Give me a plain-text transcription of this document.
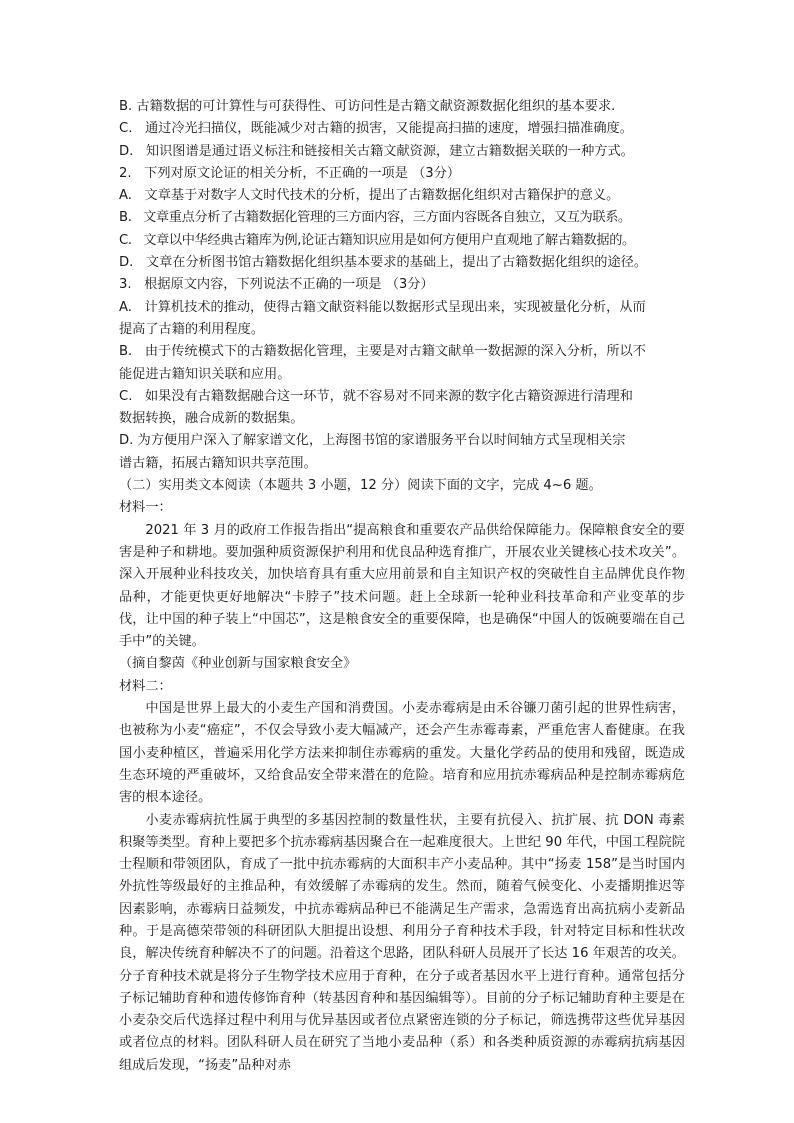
B. 古籍数据的可计算性与可获得性、可访问性是古籍文献资源数据化组织的基本要求.
C.   通过冷光扫描仪，既能减少对古籍的损害，又能提高扫描的速度，增强扫描准确度。
D.   知识图谱是通过语义标注和链接相关古籍文献资源，建立古籍数据关联的一种方式。
2.   下列对原文论证的相关分析，不正确的一项是 （3分）
A.   文章基于对数字人文时代技术的分析，提出了古籍数据化组织对古籍保护的意义。
B.   文章重点分析了古籍数据化管理的三方面内容，三方面内容既各自独立，又互为联系。
C.   文章以中华经典古籍库为例,论证古籍知识应用是如何方便用户直观地了解古籍数据的。
D.   文章在分析图书馆古籍数据化组织基本要求的基础上，提出了古籍数据化组织的途径。
3.   根据原文内容，下列说法不正确的一项是 （3分）
A.   计算机技术的推动，使得古籍文献资料能以数据形式呈现出来，实现被量化分析，从而
提高了古籍的利用程度。
B.   由于传统模式下的古籍数据化管理，主要是对古籍文献单一数据源的深入分析，所以不
能促进古籍知识关联和应用。
C.   如果没有古籍数据融合这一环节，就不容易对不同来源的数字化古籍资源进行清理和
数据转换，融合成新的数据集。
D. 为方便用户深入了解家谱文化，上海图书馆的家谱服务平台以时间轴方式呈现相关宗
谱古籍，拓展古籍知识共享范围。
（二）实用类文本阅读（本题共 3 小题，12 分）阅读下面的文字，完成 4~6 题。
材料一：

2021 年 3 月的政府工作报告指出“提高粮食和重要农产品供给保障能力。保障粮食安全的要害是种子和耕地。要加强种质资源保护利用和优良品种选育推广，开展农业关键核心技术攻关”。深入开展种业科技攻关，加快培育具有重大应用前景和自主知识产权的突破性自主品牌优良作物品种，才能更快更好地解决“卡脖子”技术问题。赶上全球新一轮种业科技革命和产业变革的步伐，让中国的种子装上“中国芯”，这是粮食安全的重要保障，也是确保“中国人的饭碗要端在自己手中”的关键。

（摘自黎茵《种业创新与国家粮食安全》
材料二：

中国是世界上最大的小麦生产国和消费国。小麦赤霉病是由禾谷镰刀菌引起的世界性病害，也被称为小麦“癌症”，不仅会导致小麦大幅减产，还会产生赤霉毒素，严重危害人畜健康。在我国小麦种植区，普遍采用化学方法来抑制住赤霉病的重发。大量化学药品的使用和残留，既造成生态环境的严重破坏，又给食品安全带来潜在的危险。培育和应用抗赤霉病品种是控制赤霉病危害的根本途径。

小麦赤霉病抗性属于典型的多基因控制的数量性状，主要有抗侵入、抗扩展、抗 DON 毒素积聚等类型。育种上要把多个抗赤霉病基因聚合在一起难度很大。上世纪 90 年代，中国工程院院士程顺和带领团队，育成了一批中抗赤霉病的大面积丰产小麦品种。其中“扬麦 158”是当时国内外抗性等级最好的主推品种，有效缓解了赤霉病的发生。然而，随着气候变化、小麦播期推迟等因素影响，赤霉病日益频发，中抗赤霉病品种已不能满足生产需求，急需选育出高抗病小麦新品种。于是高德荣带领的科研团队大胆提出设想、利用分子育种技术手段，针对特定目标和性状改良，解决传统育种解决不了的问题。沿着这个思路，团队科研人员展开了长达 16 年艰苦的攻关。分子育种技术就是将分子生物学技术应用于育种，在分子或者基因水平上进行育种。通常包括分子标记辅助育种和遗传修饰育种（转基因育种和基因编辑等）。目前的分子标记辅助育种主要是在小麦杂交后代选择过程中利用与优异基因或者位点紧密连锁的分子标记，筛选携带这些优异基因或者位点的材料。团队科研人员在研究了当地小麦品种（系）和各类种质资源的赤霉病抗病基因组成后发现，“扬麦”品种对赤
